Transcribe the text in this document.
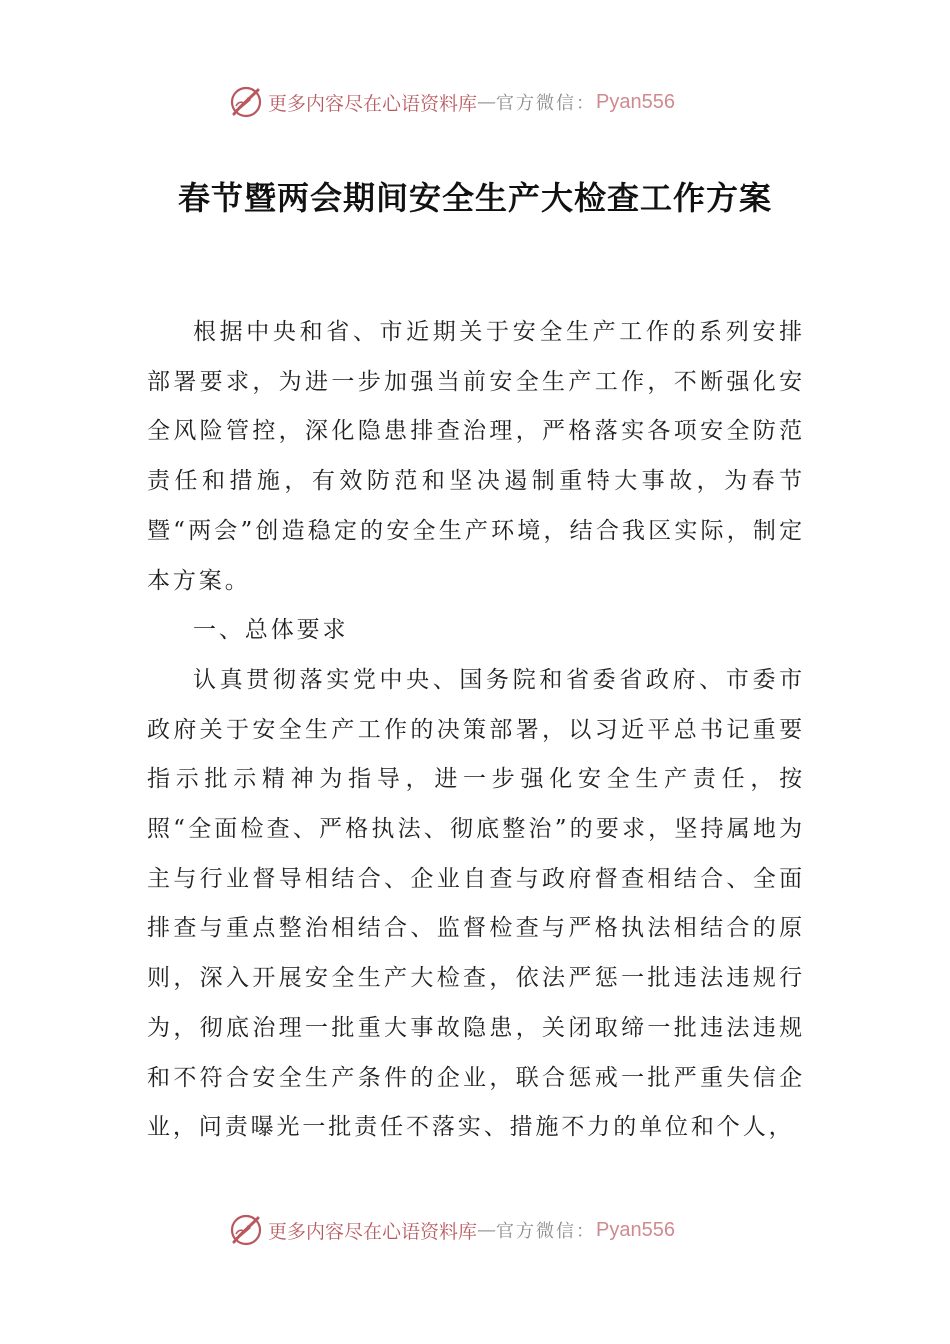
更多内容尽在心语资料库 — 官方微信： Pyan556
春节暨两会期间安全生产大检查工作方案

根据中央和省、市近期关于安全生产工作的系列安排部署要求，为进一步加强当前安全生产工作，不断强化安全风险管控，深化隐患排查治理，严格落实各项安全防范责任和措施，有效防范和坚决遏制重特大事故，为春节暨“两会”创造稳定的安全生产环境，结合我区实际，制定本方案。

一、总体要求

认真贯彻落实党中央、国务院和省委省政府、市委市政府关于安全生产工作的决策部署，以习近平总书记重要指示批示精神为指导，进一步强化安全生产责任，按照“全面检查、严格执法、彻底整治”的要求，坚持属地为主与行业督导相结合、企业自查与政府督查相结合、全面排查与重点整治相结合、监督检查与严格执法相结合的原则，深入开展安全生产大检查，依法严惩一批违法违规行为，彻底治理一批重大事故隐患，关闭取缔一批违法违规和不符合安全生产条件的企业，联合惩戒一批严重失信企业，问责曝光一批责任不落实、措施不力的单位和个人，

更多内容尽在心语资料库 — 官方微信： Pyan556
